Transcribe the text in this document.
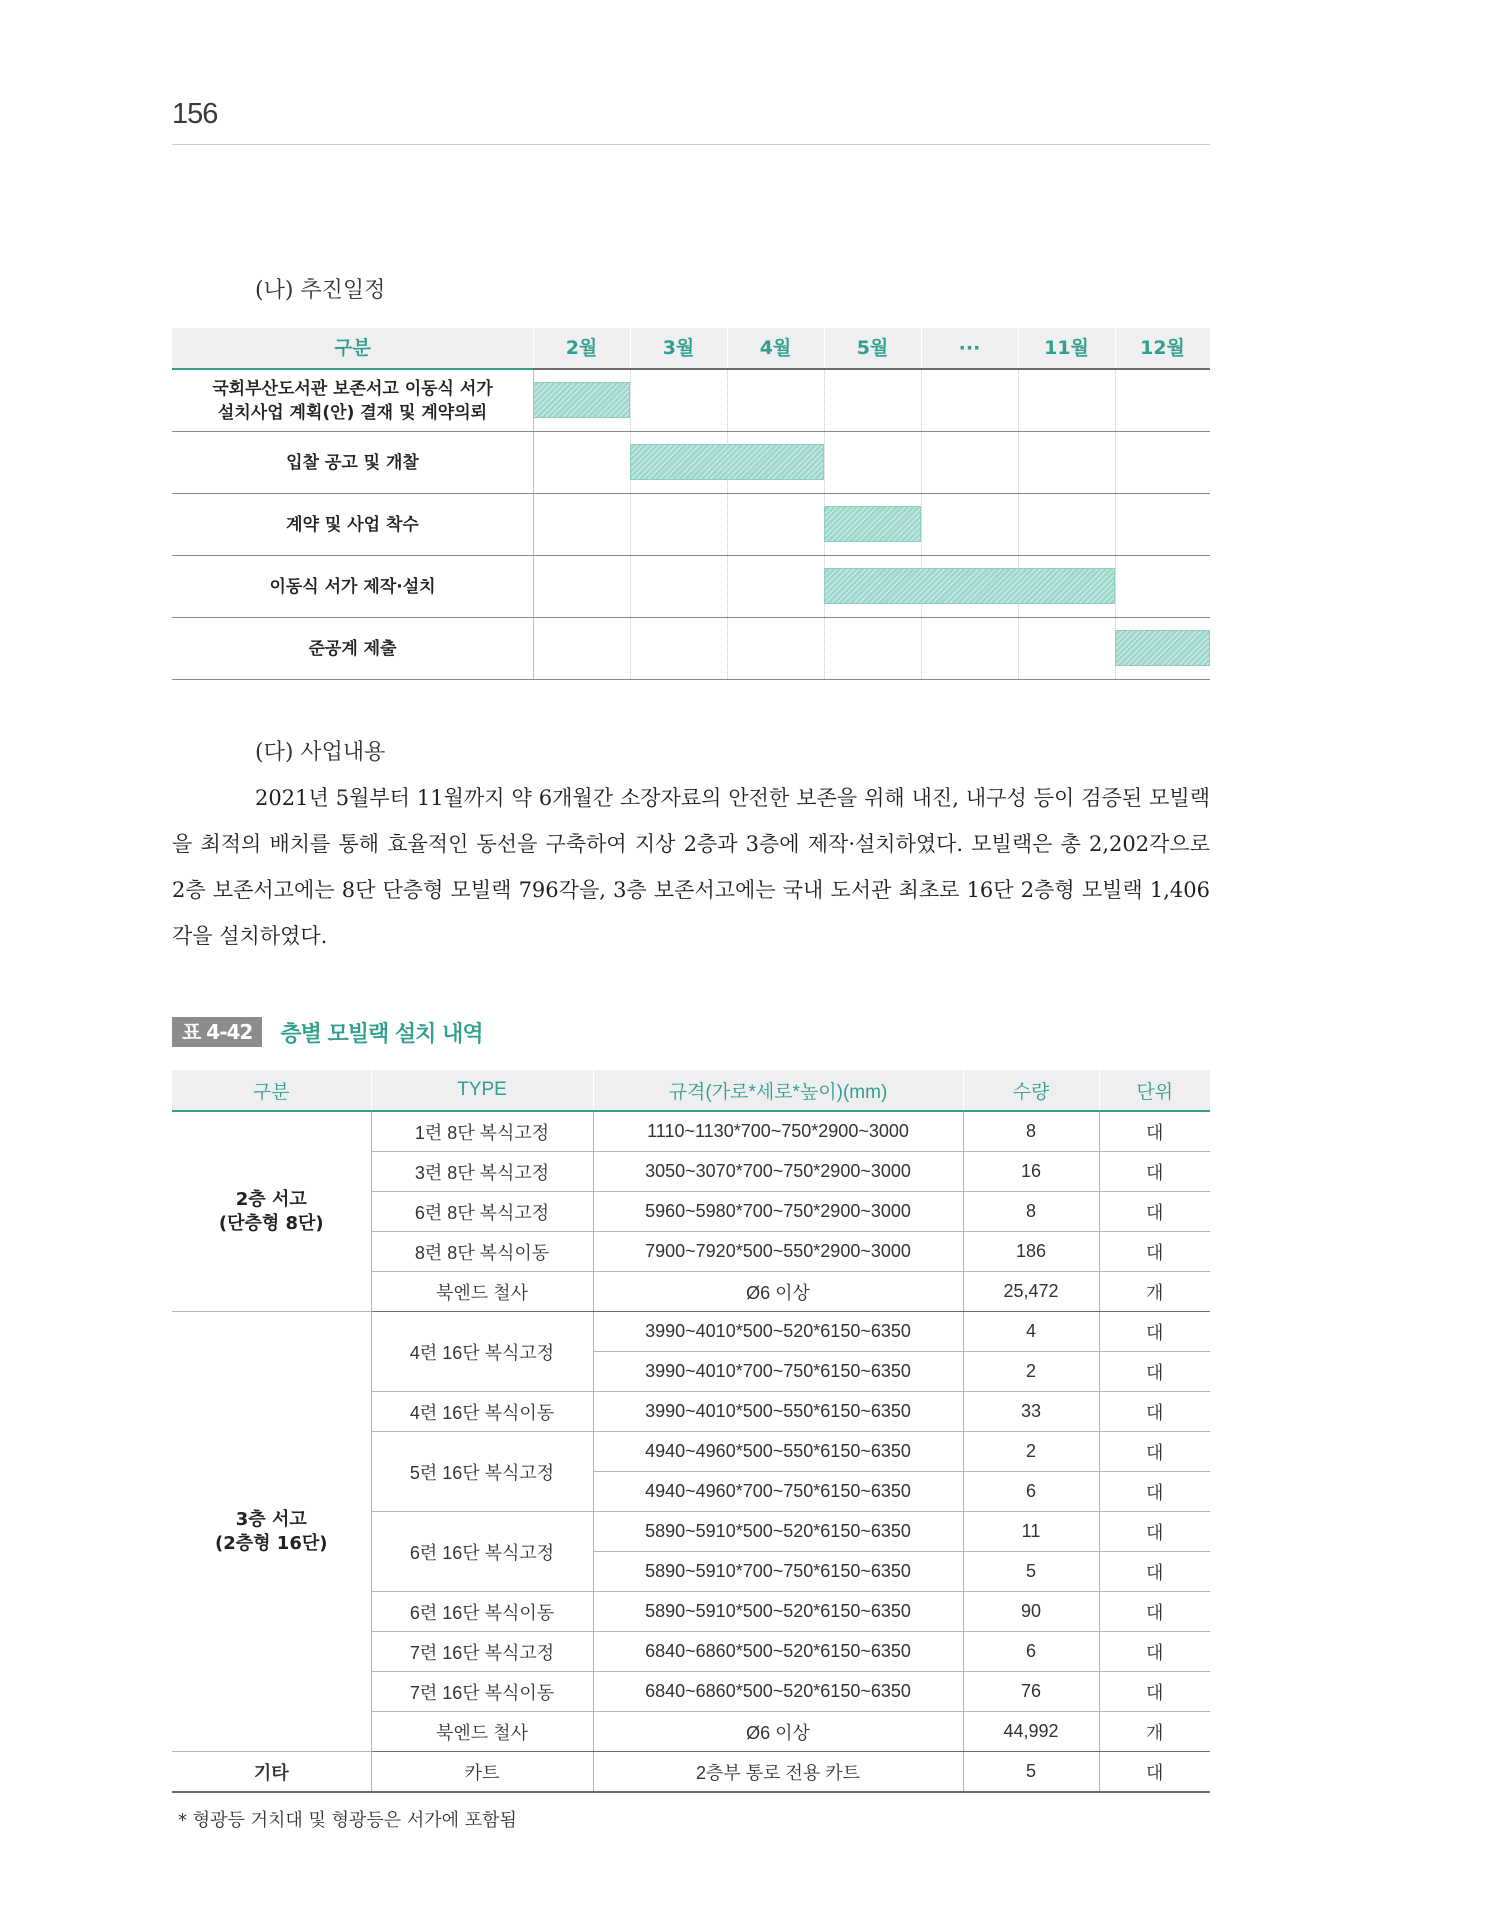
156
(나) 추진일정
구분	2월	3월	4월	5월	···	11월	12월
국회부산도서관 보존서고 이동식 서가
설치사업 계획(안) 결재 및 계약의뢰
입찰 공고 및 개찰
계약 및 사업 착수
이동식 서가 제작·설치
준공계 제출
(다) 사업내용
2021년 5월부터 11월까지 약 6개월간 소장자료의 안전한 보존을 위해 내진, 내구성 등이 검증된 모빌랙을 최적의 배치를 통해 효율적인 동선을 구축하여 지상 2층과 3층에 제작·설치하였다. 모빌랙은 총 2,202각으로 2층 보존서고에는 8단 단층형 모빌랙 796각을, 3층 보존서고에는 국내 도서관 최초로 16단 2층형 모빌랙 1,406각을 설치하였다.
표 4-42	층별 모빌랙 설치 내역
구분	TYPE	규격(가로*세로*높이)(mm)	수량	단위
2층 서고
(단층형 8단)	1련 8단 복식고정	1110~1130*700~750*2900~3000	8	대
	3련 8단 복식고정	3050~3070*700~750*2900~3000	16	대
	6련 8단 복식고정	5960~5980*700~750*2900~3000	8	대
	8련 8단 복식이동	7900~7920*500~550*2900~3000	186	대
	북엔드 철사	Ø6 이상	25,472	개
3층 서고
(2층형 16단)	4련 16단 복식고정	3990~4010*500~520*6150~6350	4	대
		3990~4010*700~750*6150~6350	2	대
	4련 16단 복식이동	3990~4010*500~550*6150~6350	33	대
	5련 16단 복식고정	4940~4960*500~550*6150~6350	2	대
		4940~4960*700~750*6150~6350	6	대
	6련 16단 복식고정	5890~5910*500~520*6150~6350	11	대
		5890~5910*700~750*6150~6350	5	대
	6련 16단 복식이동	5890~5910*500~520*6150~6350	90	대
	7련 16단 복식고정	6840~6860*500~520*6150~6350	6	대
	7련 16단 복식이동	6840~6860*500~520*6150~6350	76	대
	북엔드 철사	Ø6 이상	44,992	개
기타	카트	2층부 통로 전용 카트	5	대
* 형광등 거치대 및 형광등은 서가에 포함됨
